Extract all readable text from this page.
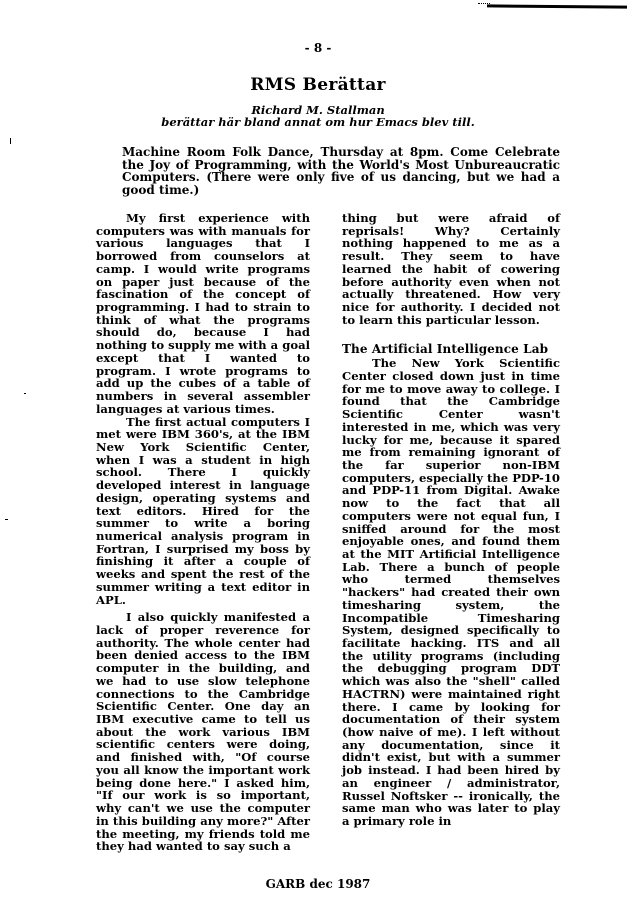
- 8 -
RMS Berättar
Richard M. Stallman
berättar här bland annat om hur Emacs blev till.
Machine Room Folk Dance, Thursday at 8pm. Come Celebrate the Joy of Programming, with the World's Most Unbureaucratic Computers. (There were only five of us dancing, but we had a good time.)

My first experience with computers was with manuals for various languages that I borrowed from counselors at camp. I would write programs on paper just because of the fascination of the concept of programming. I had to strain to think of what the programs should do, because I had nothing to supply me with a goal except that I wanted to program. I wrote programs to add up the cubes of a table of numbers in several assembler languages at various times.

The first actual computers I met were IBM 360's, at the IBM New York Scientific Center, when I was a student in high school. There I quickly developed interest in language design, operating systems and text editors. Hired for the summer to write a boring numerical analysis program in Fortran, I surprised my boss by finishing it after a couple of weeks and spent the rest of the summer writing a text editor in APL.

I also quickly manifested a lack of proper reverence for authority. The whole center had been denied access to the IBM computer in the building, and we had to use slow telephone connections to the Cambridge Scientific Center. One day an IBM executive came to tell us about the work various IBM scientific centers were doing, and finished with, "Of course you all know the important work being done here." I asked him, "If our work is so important, why can't we use the computer in this building any more?" After the meeting, my friends told me they had wanted to say such a

thing but were afraid of reprisals! Why? Certainly nothing happened to me as a result. They seem to have learned the habit of cowering before authority even when not actually threatened. How very nice for authority. I decided not to learn this particular lesson.

The Artificial Intelligence Lab

The New York Scientific Center closed down just in time for me to move away to college. I found that the Cambridge Scientific Center wasn't interested in me, which was very lucky for me, because it spared me from remaining ignorant of the far superior non-IBM computers, especially the PDP-10 and PDP-11 from Digital. Awake now to the fact that all computers were not equal fun, I sniffed around for the most enjoyable ones, and found them at the MIT Artificial Intelligence Lab. There a bunch of people who termed themselves "hackers" had created their own timesharing system, the Incompatible Timesharing System, designed specifically to facilitate hacking. ITS and all the utility programs (including the debugging program DDT which was also the "shell" called HACTRN) were maintained right there. I came by looking for documentation of their system (how naive of me). I left without any documentation, since it didn't exist, but with a summer job instead. I had been hired by an engineer / administrator, Russel Noftsker -- ironically, the same man who was later to play a primary role in

GARB dec 1987
